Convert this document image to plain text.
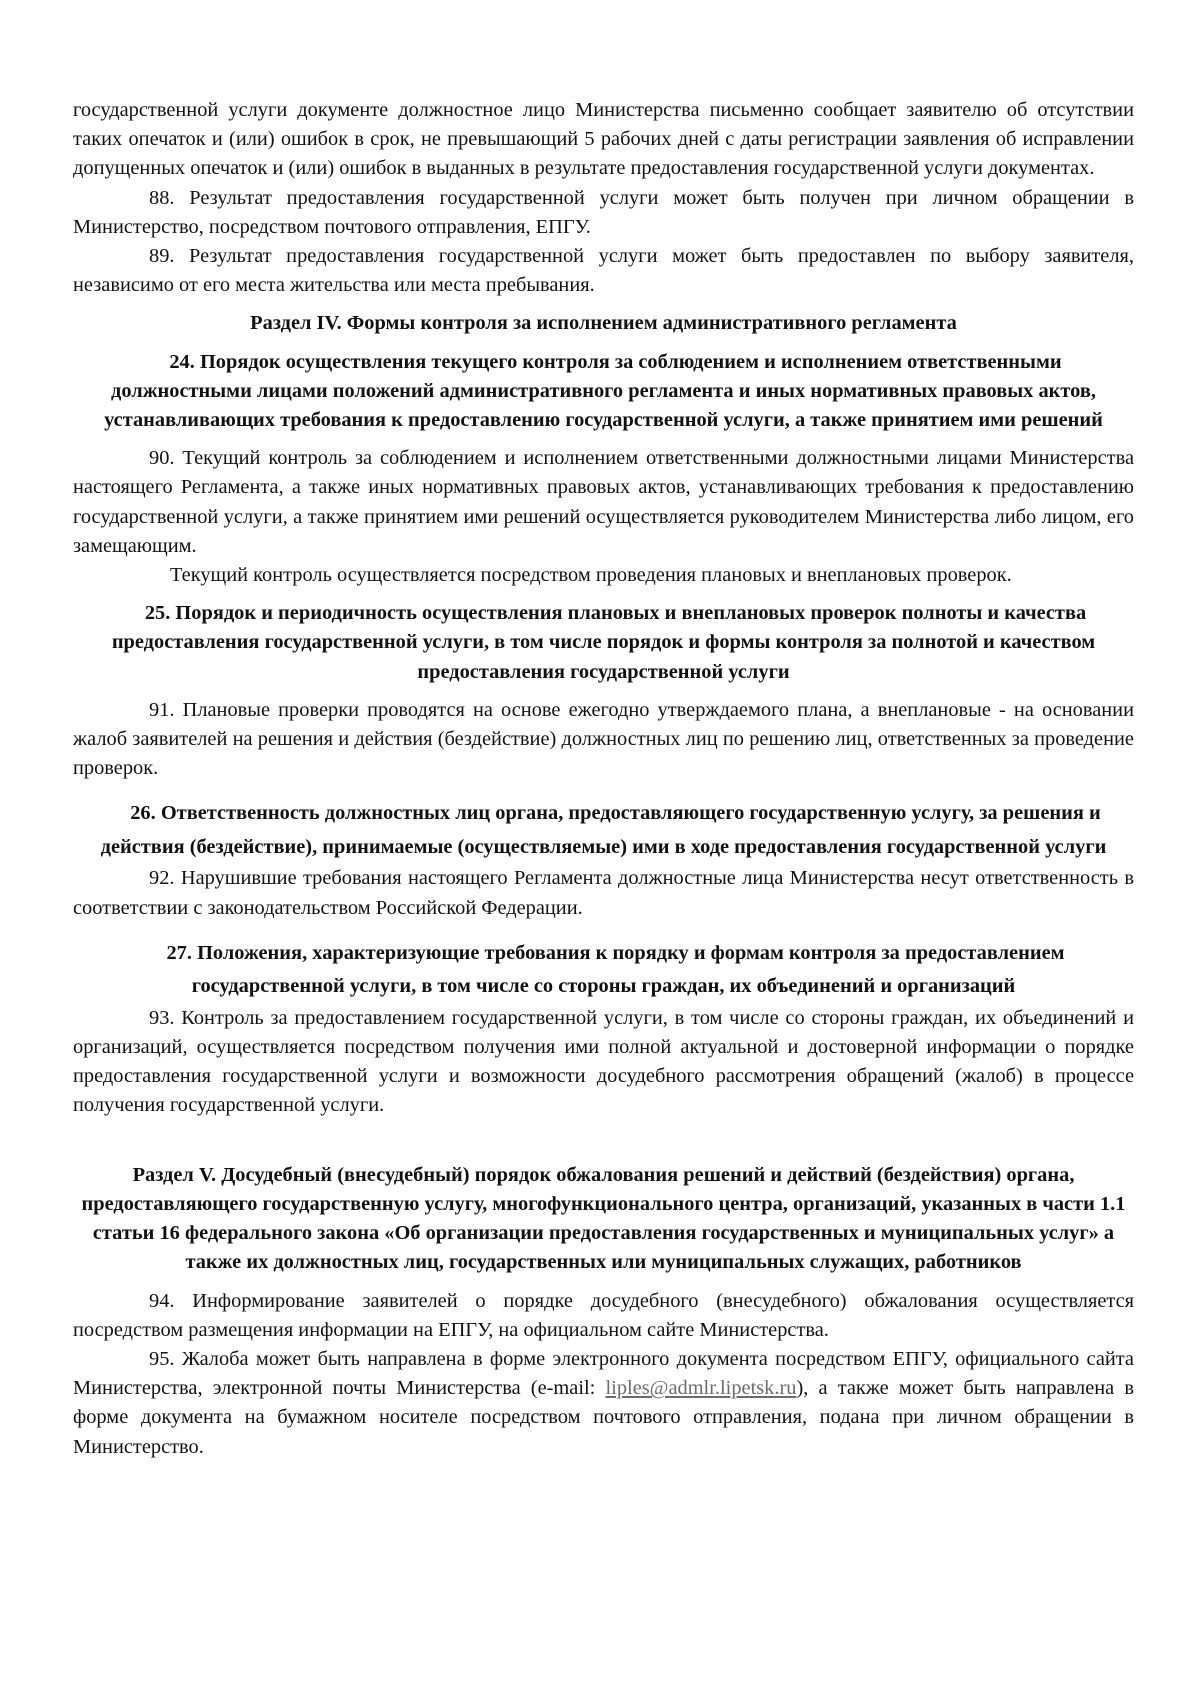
государственной услуги документе должностное лицо Министерства письменно сообщает заявителю об отсутствии таких опечаток и (или) ошибок в срок, не превышающий 5 рабочих дней с даты регистрации заявления об исправлении допущенных опечаток и (или) ошибок в выданных в результате предоставления государственной услуги документах.

88. Результат предоставления государственной услуги может быть получен при личном обращении в Министерство, посредством почтового отправления, ЕПГУ.

89. Результат предоставления государственной услуги может быть предоставлен по выбору заявителя, независимо от его места жительства или места пребывания.

Раздел IV. Формы контроля за исполнением административного регламента

24. Порядок осуществления текущего контроля за соблюдением и исполнением ответственными должностными лицами положений административного регламента и иных нормативных правовых актов, устанавливающих требования к предоставлению государственной услуги, а также принятием ими решений

90. Текущий контроль за соблюдением и исполнением ответственными должностными лицами Министерства настоящего Регламента, а также иных нормативных правовых актов, устанавливающих требования к предоставлению государственной услуги, а также принятием ими решений осуществляется руководителем Министерства либо лицом, его замещающим.

Текущий контроль осуществляется посредством проведения плановых и внеплановых проверок.

25. Порядок и периодичность осуществления плановых и внеплановых проверок полноты и качества предоставления государственной услуги, в том числе порядок и формы контроля за полнотой и качеством предоставления государственной услуги

91. Плановые проверки проводятся на основе ежегодно утверждаемого плана, а внеплановые - на основании жалоб заявителей на решения и действия (бездействие) должностных лиц по решению лиц, ответственных за проведение проверок.

26. Ответственность должностных лиц органа, предоставляющего государственную услугу, за решения и действия (бездействие), принимаемые (осуществляемые) ими в ходе предоставления государственной услуги

92. Нарушившие требования настоящего Регламента должностные лица Министерства несут ответственность в соответствии с законодательством Российской Федерации.

27. Положения, характеризующие требования к порядку и формам контроля за предоставлением государственной услуги, в том числе со стороны граждан, их объединений и организаций

93. Контроль за предоставлением государственной услуги, в том числе со стороны граждан, их объединений и организаций, осуществляется посредством получения ими полной актуальной и достоверной информации о порядке предоставления государственной услуги и возможности досудебного рассмотрения обращений (жалоб) в процессе получения государственной услуги.

Раздел V. Досудебный (внесудебный) порядок обжалования решений и действий (бездействия) органа, предоставляющего государственную услугу, многофункционального центра, организаций, указанных в части 1.1 статьи 16 федерального закона «Об организации предоставления государственных и муниципальных услуг» а также их должностных лиц, государственных или муниципальных служащих, работников

94. Информирование заявителей о порядке досудебного (внесудебного) обжалования осуществляется посредством размещения информации на ЕПГУ, на официальном сайте Министерства.

95. Жалоба может быть направлена в форме электронного документа посредством ЕПГУ, официального сайта Министерства, электронной почты Министерства (e-mail: liples@admlr.lipetsk.ru), а также может быть направлена в форме документа на бумажном носителе посредством почтового отправления, подана при личном обращении в Министерство.
